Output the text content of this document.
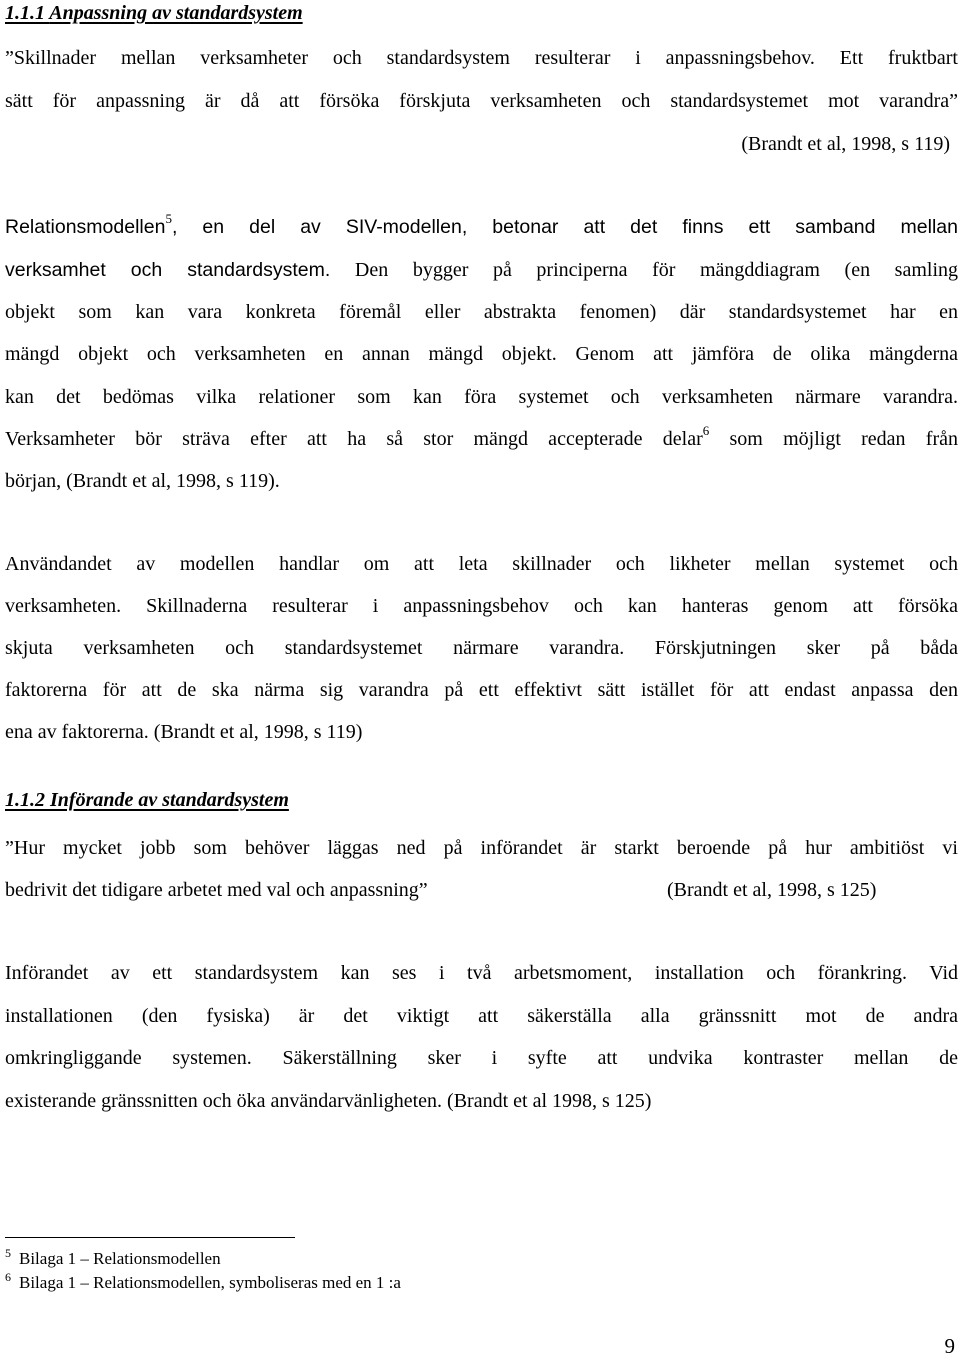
1.1.1 Anpassning av standardsystem
”Skillnader mellan verksamheter och standardsystem resulterar i anpassningsbehov. Ett fruktbart
sätt för anpassning är då att försöka förskjuta verksamheten och standardsystemet mot varandra”
(Brandt et al, 1998, s 119)
Relationsmodellen$^5$, en del av SIV-modellen, betonar att det finns ett samband mellan
verksamhet och standardsystem. Den bygger på principerna för mängddiagram (en samling
objekt som kan vara konkreta föremål eller abstrakta fenomen) där standardsystemet har en
mängd objekt och verksamheten en annan mängd objekt. Genom att jämföra de olika mängderna
kan det bedömas vilka relationer som kan föra systemet och verksamheten närmare varandra.
Verksamheter bör sträva efter att ha så stor mängd accepterade delar$^6$ som möjligt redan från
början, (Brandt et al, 1998, s 119).
Användandet av modellen handlar om att leta skillnader och likheter mellan systemet och
verksamheten. Skillnaderna resulterar i anpassningsbehov och kan hanteras genom att försöka
skjuta verksamheten och standardsystemet närmare varandra. Förskjutningen sker på båda
faktorerna för att de ska närma sig varandra på ett effektivt sätt istället för att endast anpassa den
ena av faktorerna. (Brandt et al, 1998, s 119)
1.1.2 Införande av standardsystem
”Hur mycket jobb som behöver läggas ned på införandet är starkt beroende på hur ambitiöst vi
bedrivit det tidigare arbetet med val och anpassning”	(Brandt et al, 1998, s 125)
Införandet av ett standardsystem kan ses i två arbetsmoment, installation och förankring. Vid
installationen (den fysiska) är det viktigt att säkerställa alla gränssnitt mot de andra
omkringliggande systemen. Säkerställning sker i syfte att undvika kontraster mellan de
existerande gränssnitten och öka användarvänligheten. (Brandt et al 1998, s 125)
$^5$ Bilaga 1 – Relationsmodellen
$^6$ Bilaga 1 – Relationsmodellen, symboliseras med en 1 :a
9
